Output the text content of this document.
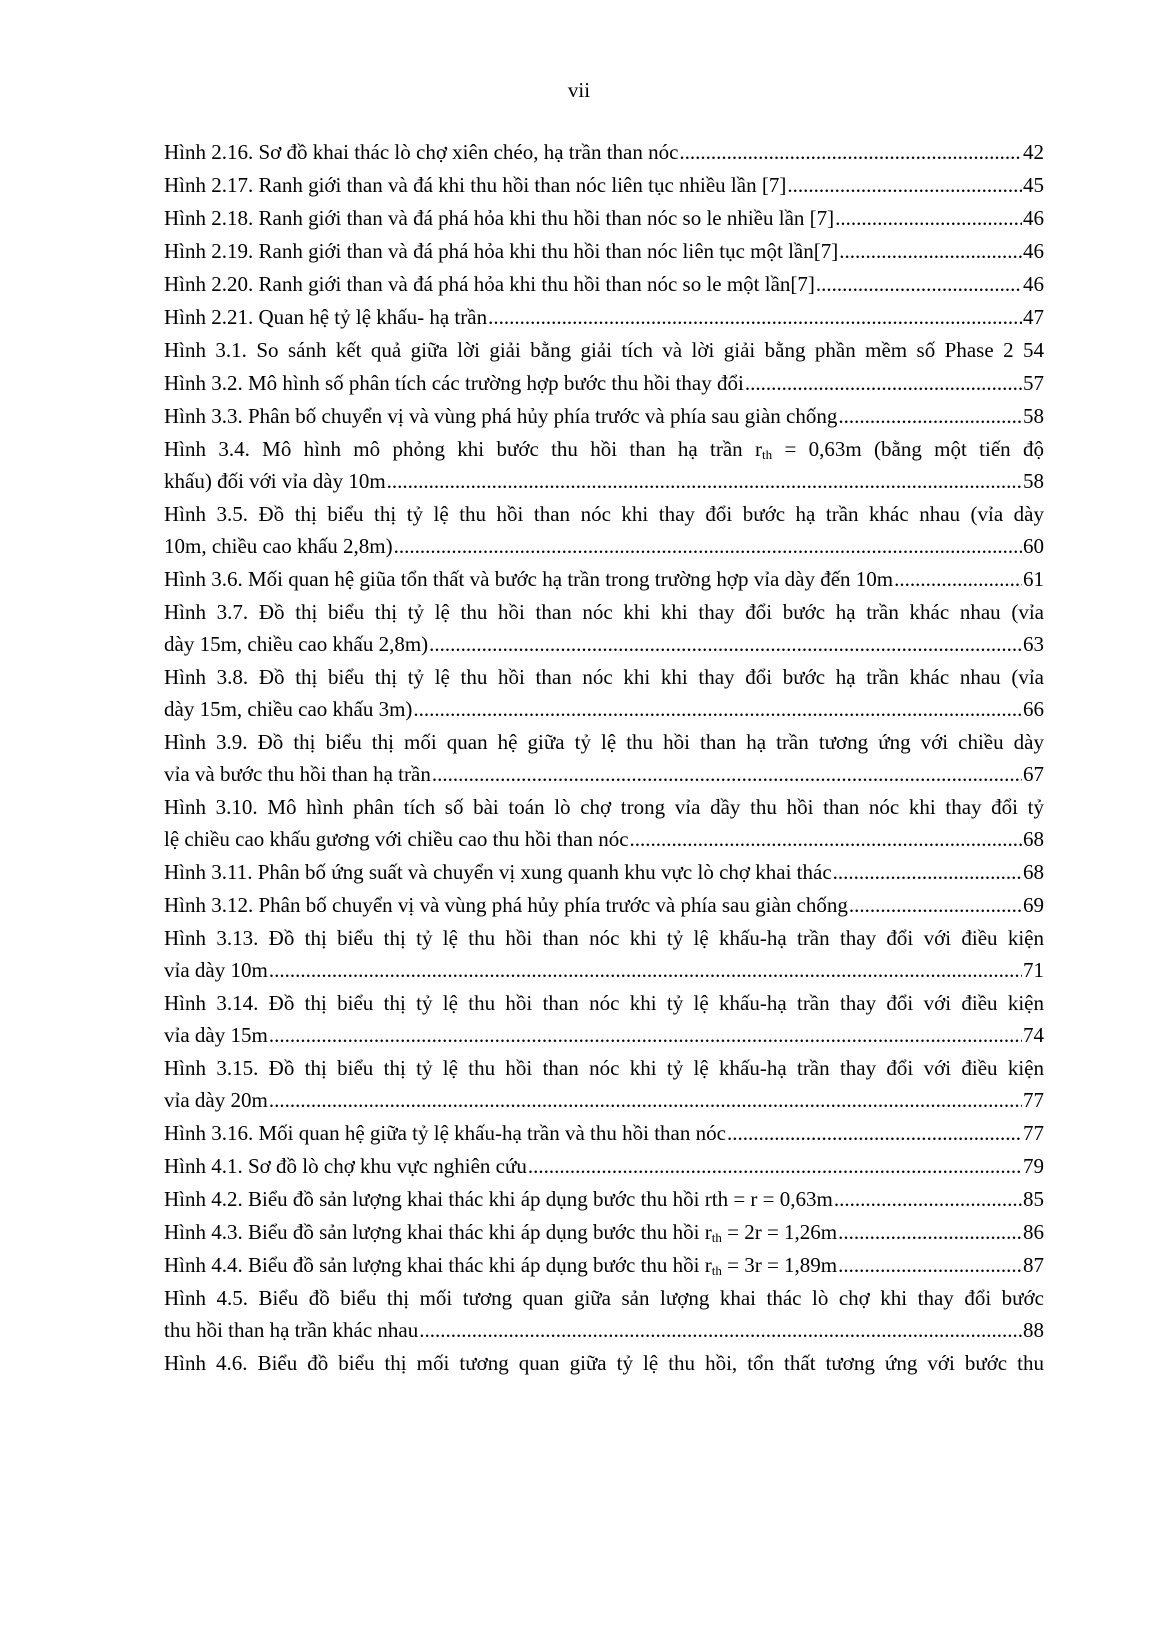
vii
Hình 2.16. Sơ đồ khai thác lò chợ xiên chéo, hạ trần than nóc .....	42
Hình 2.17. Ranh giới than và đá khi thu hồi than nóc liên tục nhiều lần [7] .....	45
Hình 2.18. Ranh giới than và đá phá hỏa khi thu hồi than nóc so le nhiều lần [7] .....	46
Hình 2.19. Ranh giới than và đá phá hỏa khi thu hồi than nóc liên tục một lần[7] .....	46
Hình 2.20. Ranh giới than và đá phá hỏa khi thu hồi than nóc so le một lần[7] .....	46
Hình 2.21. Quan hệ tỷ lệ khấu- hạ trần .....	47
Hình 3.1. So sánh kết quả giữa lời giải bằng giải tích và lời giải bằng phần mềm số Phase 2 54
Hình 3.2. Mô hình số phân tích các trường hợp bước thu hồi thay đổi .....	57
Hình 3.3. Phân bố chuyển vị và vùng phá hủy phía trước và phía sau giàn chống .....	58
Hình 3.4. Mô hình mô phỏng khi bước thu hồi than hạ trần $r_{th} = 0,63m$ (bằng một tiến độ
khấu) đối với vỉa dày 10m .....	58
Hình 3.5. Đồ thị biểu thị tỷ lệ thu hồi than nóc khi thay đổi bước hạ trần khác nhau (vỉa dày
10m, chiều cao khấu 2,8m) .....	60
Hình 3.6. Mối quan hệ giũa tổn thất và bước hạ trần trong trường hợp vỉa dày đến 10m .....	61
Hình 3.7. Đồ thị biểu thị tỷ lệ thu hồi than nóc khi khi thay đổi bước hạ trần khác nhau (vỉa
dày 15m, chiều cao khấu 2,8m) .....	63
Hình 3.8. Đồ thị biểu thị tỷ lệ thu hồi than nóc khi khi thay đổi bước hạ trần khác nhau (vỉa
dày 15m, chiều cao khấu 3m) .....	66
Hình 3.9. Đồ thị biểu thị mối quan hệ giữa tỷ lệ thu hồi than hạ trần tương ứng với chiều dày
vỉa và bước thu hồi than hạ trần .....	67
Hình 3.10. Mô hình phân tích số bài toán lò chợ trong vỉa dầy thu hồi than nóc khi thay đổi tỷ
lệ chiều cao khấu gương với chiều cao thu hồi than nóc .....	68
Hình 3.11. Phân bố ứng suất và chuyển vị xung quanh khu vực lò chợ khai thác .....	68
Hình 3.12. Phân bố chuyển vị và vùng phá hủy phía trước và phía sau giàn chống .....	69
Hình 3.13. Đồ thị biểu thị tỷ lệ thu hồi than nóc khi tỷ lệ khấu-hạ trần thay đổi với điều kiện
vỉa dày 10m .....	71
Hình 3.14. Đồ thị biểu thị tỷ lệ thu hồi than nóc khi tỷ lệ khấu-hạ trần thay đổi với điều kiện
vỉa dày 15m .....	74
Hình 3.15. Đồ thị biểu thị tỷ lệ thu hồi than nóc khi tỷ lệ khấu-hạ trần thay đổi với điều kiện
vỉa dày 20m .....	77
Hình 3.16. Mối quan hệ giữa tỷ lệ khấu-hạ trần và thu hồi than nóc .....	77
Hình 4.1. Sơ đồ lò chợ khu vực nghiên cứu .....	79
Hình 4.2. Biểu đồ sản lượng khai thác khi áp dụng bước thu hồi rth = r = 0,63m .....	85
Hình 4.3. Biểu đồ sản lượng khai thác khi áp dụng bước thu hồi $r_{th} = 2r = 1,26m$ .....	86
Hình 4.4. Biểu đồ sản lượng khai thác khi áp dụng bước thu hồi $r_{th} = 3r = 1,89m$ .....	87
Hình 4.5. Biểu đồ biểu thị mối tương quan giữa sản lượng khai thác lò chợ khi thay đổi bước
thu hồi than hạ trần khác nhau .....	88
Hình 4.6. Biểu đồ biểu thị mối tương quan giữa tỷ lệ thu hồi, tổn thất tương ứng với bước thu
